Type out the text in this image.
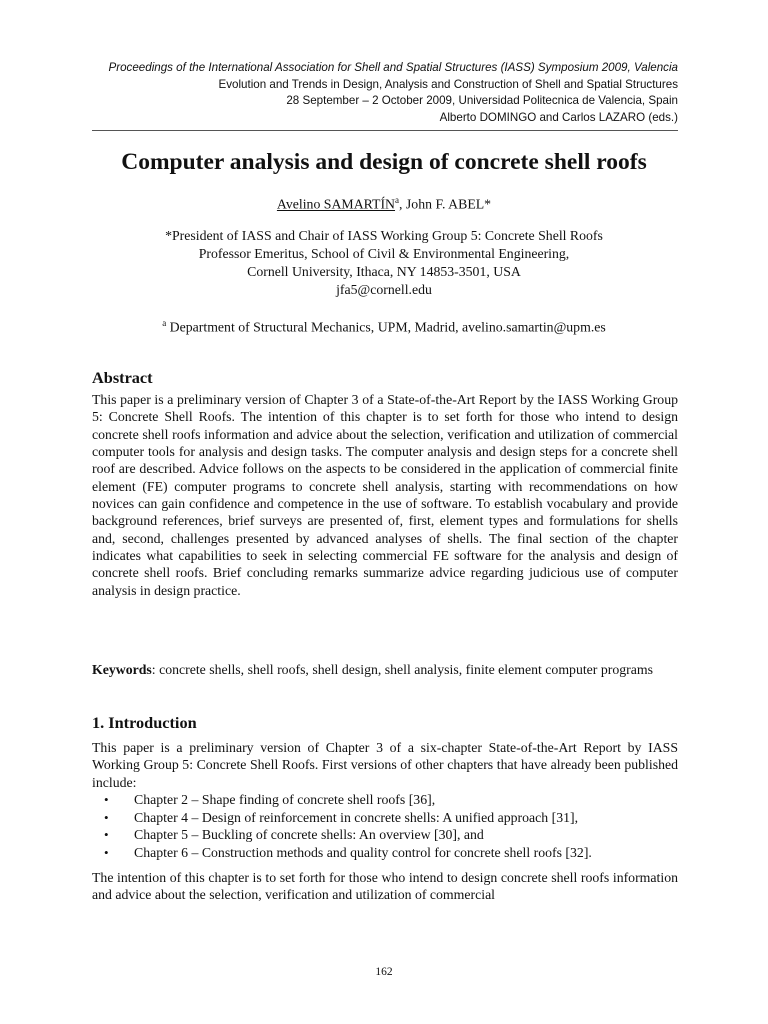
Proceedings of the International Association for Shell and Spatial Structures (IASS) Symposium 2009, Valencia
Evolution and Trends in Design, Analysis and Construction of Shell and Spatial Structures
28 September – 2 October 2009, Universidad Politecnica de Valencia, Spain
Alberto DOMINGO and Carlos LAZARO (eds.)
Computer analysis and design of concrete shell roofs
Avelino SAMARTÍN$^a$, John F. ABEL*
*President of IASS and Chair of IASS Working Group 5: Concrete Shell Roofs
Professor Emeritus, School of Civil & Environmental Engineering,
Cornell University, Ithaca, NY 14853-3501, USA
jfa5@cornell.edu
$^a$ Department of Structural Mechanics, UPM, Madrid, avelino.samartin@upm.es
Abstract
This paper is a preliminary version of Chapter 3 of a State-of-the-Art Report by the IASS Working Group 5: Concrete Shell Roofs. The intention of this chapter is to set forth for those who intend to design concrete shell roofs information and advice about the selection, verification and utilization of commercial computer tools for analysis and design tasks. The computer analysis and design steps for a concrete shell roof are described. Advice follows on the aspects to be considered in the application of commercial finite element (FE) computer programs to concrete shell analysis, starting with recommendations on how novices can gain confidence and competence in the use of software. To establish vocabulary and provide background references, brief surveys are presented of, first, element types and formulations for shells and, second, challenges presented by advanced analyses of shells. The final section of the chapter indicates what capabilities to seek in selecting commercial FE software for the analysis and design of concrete shell roofs. Brief concluding remarks summarize advice regarding judicious use of computer analysis in design practice.
Keywords: concrete shells, shell roofs, shell design, shell analysis, finite element computer programs
1. Introduction
This paper is a preliminary version of Chapter 3 of a six-chapter State-of-the-Art Report by IASS Working Group 5: Concrete Shell Roofs. First versions of other chapters that have already been published include:
• Chapter 2 – Shape finding of concrete shell roofs [36],
• Chapter 4 – Design of reinforcement in concrete shells: A unified approach [31],
• Chapter 5 – Buckling of concrete shells: An overview [30], and
• Chapter 6 – Construction methods and quality control for concrete shell roofs [32].
The intention of this chapter is to set forth for those who intend to design concrete shell roofs information and advice about the selection, verification and utilization of commercial
162
